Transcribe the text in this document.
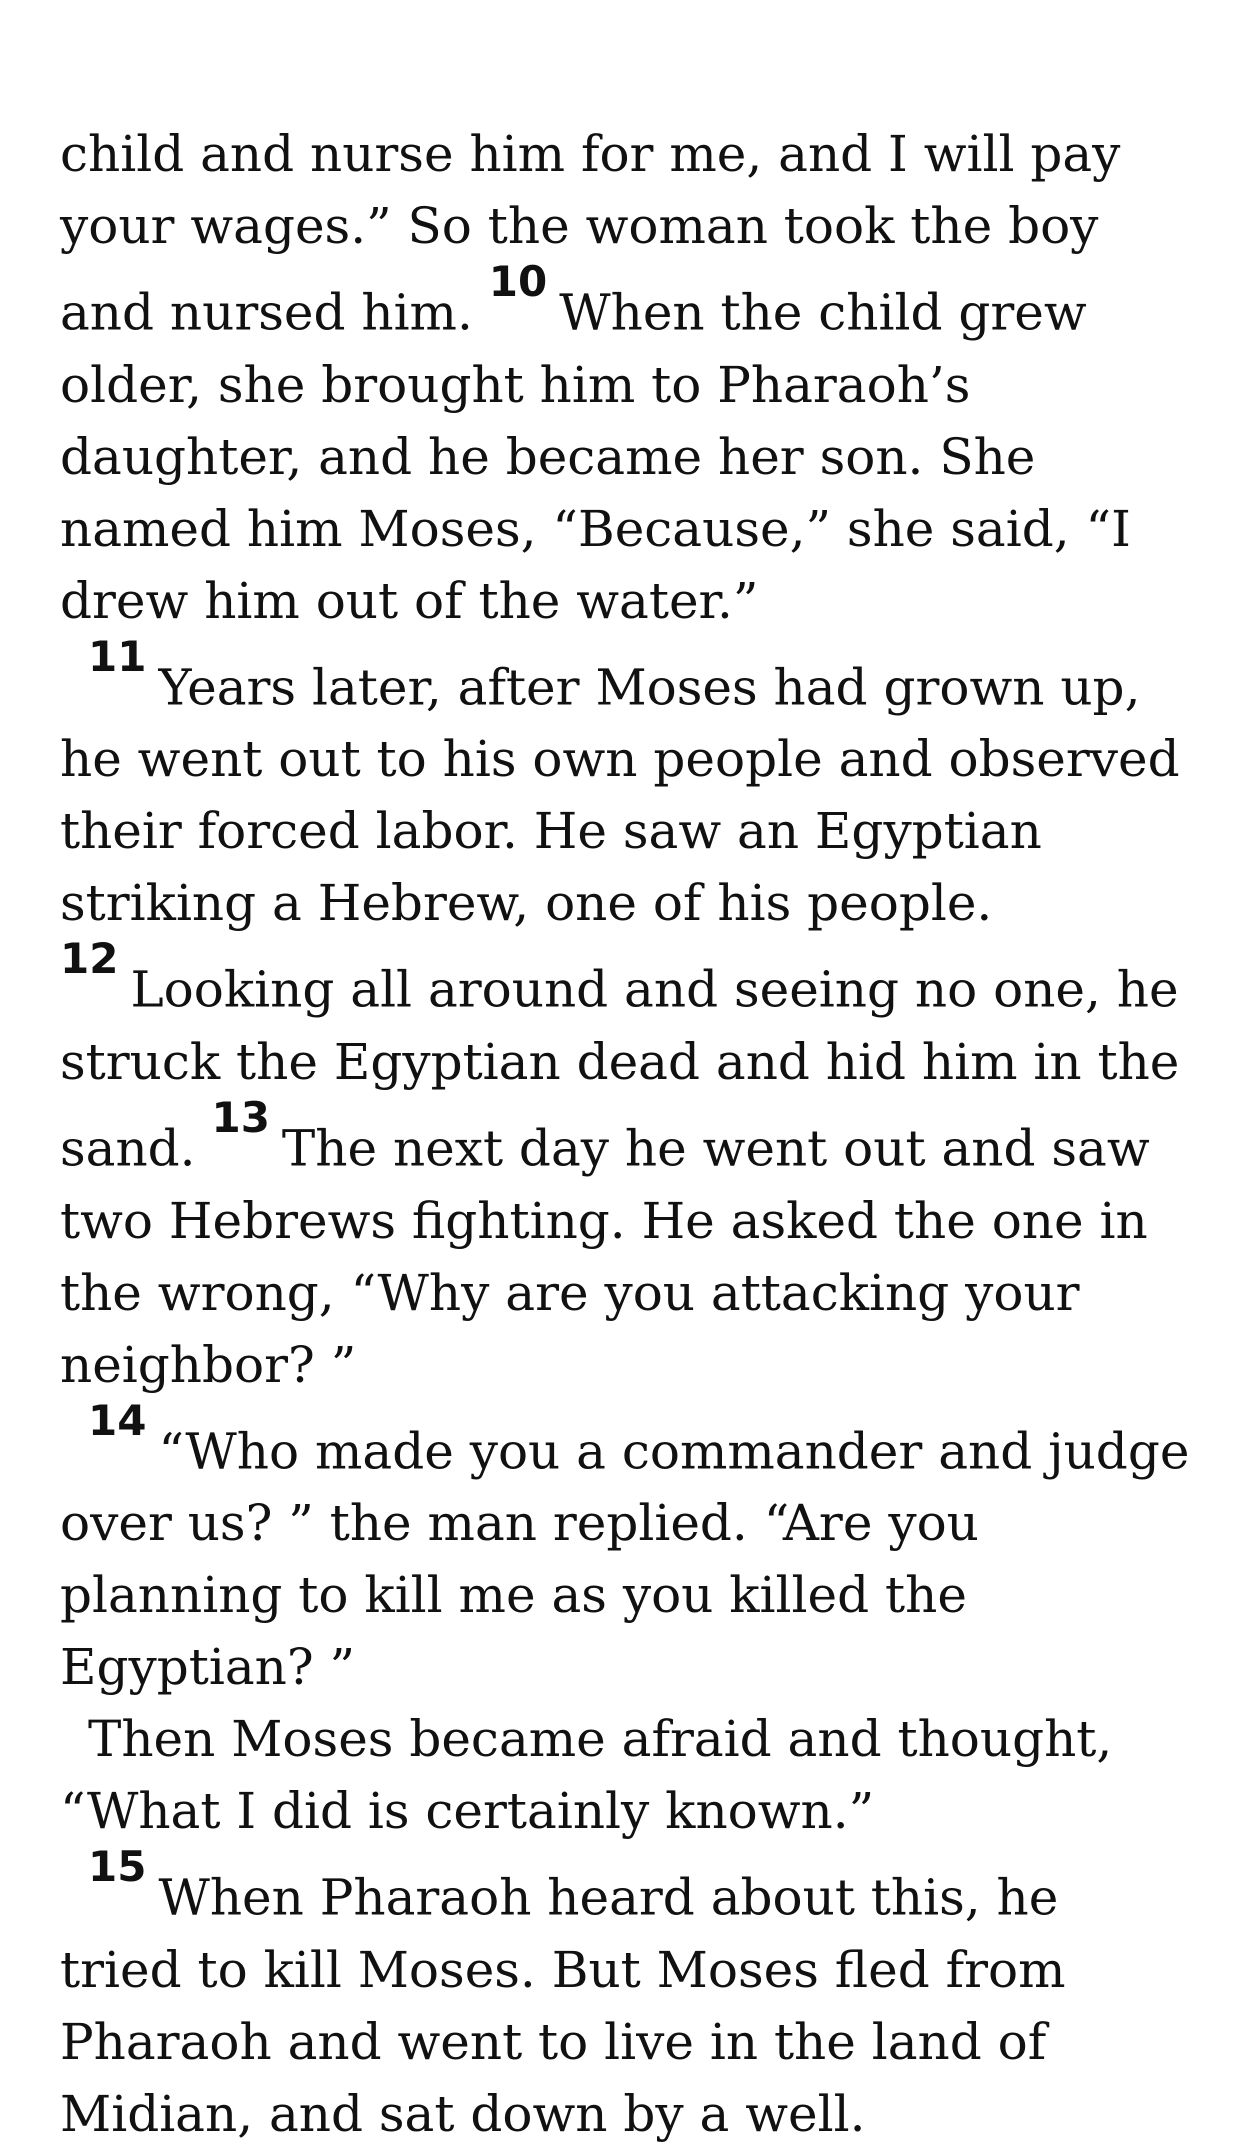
child and nurse him for me, and I will pay your wages.” So the woman took the boy and nursed him. $^{10}$When the child grew older, she brought him to Pharaoh’s daughter, and he became her son. She named him Moses, “Because,” she said, “I drew him out of the water.”

$^{11}$Years later, after Moses had grown up, he went out to his own people and observed their forced labor. He saw an Egyptian striking a Hebrew, one of his people. $^{12}$Looking all around and seeing no one, he struck the Egyptian dead and hid him in the sand. $^{13}$The next day he went out and saw two Hebrews fighting. He asked the one in the wrong, “Why are you attacking your neighbor? ”

$^{14}$“Who made you a commander and judge over us? ” the man replied. “Are you planning to kill me as you killed the Egyptian? ”

Then Moses became afraid and thought, “What I did is certainly known.”

$^{15}$When Pharaoh heard about this, he tried to kill Moses. But Moses fled from Pharaoh and went to live in the land of Midian, and sat down by a well.
